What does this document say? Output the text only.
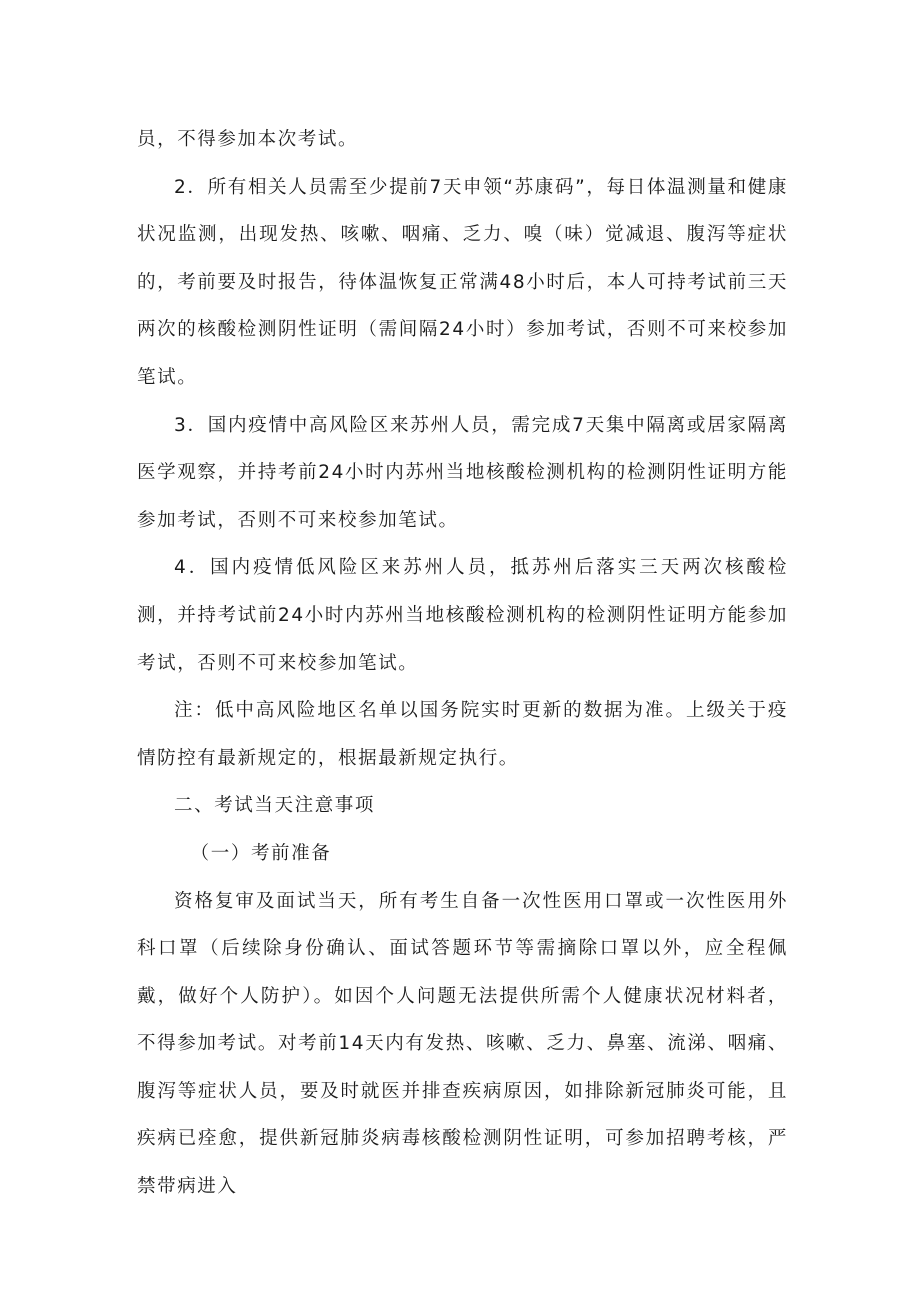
员，不得参加本次考试。

2．所有相关人员需至少提前7天申领“苏康码”，每日体温测量和健康状况监测，出现发热、咳嗽、咽痛、乏力、嗅（味）觉减退、腹泻等症状的，考前要及时报告，待体温恢复正常满48小时后，本人可持考试前三天两次的核酸检测阴性证明（需间隔24小时）参加考试，否则不可来校参加笔试。

3．国内疫情中高风险区来苏州人员，需完成7天集中隔离或居家隔离医学观察，并持考前24小时内苏州当地核酸检测机构的检测阴性证明方能参加考试，否则不可来校参加笔试。

4．国内疫情低风险区来苏州人员，抵苏州后落实三天两次核酸检测，并持考试前24小时内苏州当地核酸检测机构的检测阴性证明方能参加考试，否则不可来校参加笔试。

注：低中高风险地区名单以国务院实时更新的数据为准。上级关于疫情防控有最新规定的，根据最新规定执行。

二、考试当天注意事项

（一）考前准备

资格复审及面试当天，所有考生自备一次性医用口罩或一次性医用外科口罩（后续除身份确认、面试答题环节等需摘除口罩以外，应全程佩戴，做好个人防护）。如因个人问题无法提供所需个人健康状况材料者，不得参加考试。对考前14天内有发热、咳嗽、乏力、鼻塞、流涕、咽痛、腹泻等症状人员，要及时就医并排查疾病原因，如排除新冠肺炎可能，且疾病已痊愈，提供新冠肺炎病毒核酸检测阴性证明，可参加招聘考核，严禁带病进入
